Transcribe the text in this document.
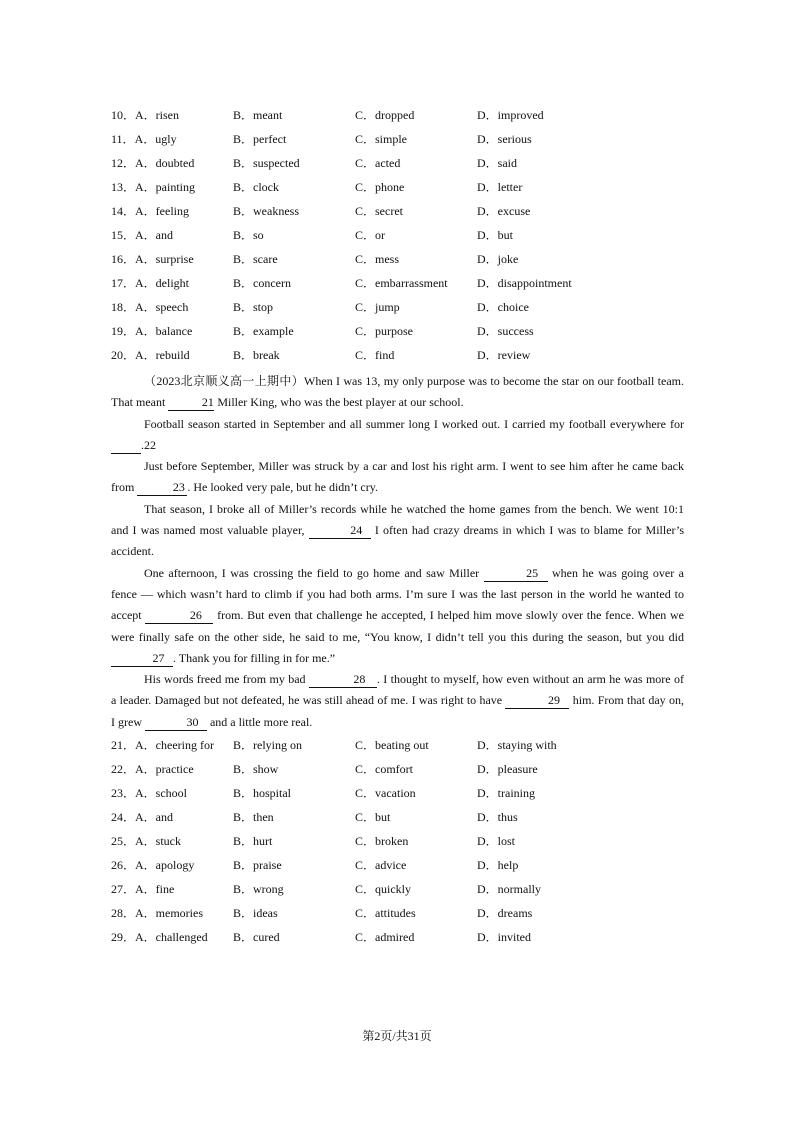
10．A．risen	B．meant	C．dropped	D．improved
11．A．ugly	B．perfect	C．simple	D．serious
12．A．doubted	B．suspected	C．acted	D．said
13．A．painting	B．clock	C．phone	D．letter
14．A．feeling	B．weakness	C．secret	D．excuse
15．A．and	B．so	C．or	D．but
16．A．surprise	B．scare	C．mess	D．joke
17．A．delight	B．concern	C．embarrassment D．disappointment
18．A．speech	B．stop	C．jump	D．choice
19．A．balance	B．example	C．purpose	D．success
20．A．rebuild	B．break	C．find	D．review

（2023北京顺义高一上期中）When I was 13, my only purpose was to become the star on our football team. That meant	21 Miller King, who was the best player at our school.

Football season started in September and all summer long I worked out. I carried my football everywhere for 22.

Just before September, Miller was struck by a car and lost his right arm. I went to see him after he came back from	23 . He looked very pale, but he didn’t cry.

That season, I broke all of Miller’s records while he watched the home games from the bench. We went 10:1 and I was named most valuable player,	24 I often had crazy dreams in which I was to blame for Miller’s accident.

One afternoon, I was crossing the field to go home and saw Miller	25 when he was going over a fence — which wasn’t hard to climb if you had both arms. I’m sure I was the last person in the world he wanted to accept	26 from. But even that challenge he accepted, I helped him move slowly over the fence. When we were finally safe on the other side, he said to me, “You know, I didn’t tell you this during the season, but you did 27 . Thank you for filling in for me.”

His words freed me from my bad	28 . I thought to myself, how even without an arm he was more of a leader. Damaged but not defeated, he was still ahead of me. I was right to have	29 him. From that day on, I grew	30 and a little more real.

21．A．cheering for B．relying on	C．beating out	D．staying with
22．A．practice	B．show	C．comfort	D．pleasure
23．A．school	B．hospital	C．vacation	D．training
24．A．and	B．then	C．but	D．thus
25．A．stuck	B．hurt	C．broken	D．lost
26．A．apology	B．praise	C．advice	D．help
27．A．fine	B．wrong	C．quickly	D．normally
28．A．memories B．ideas	C．attitudes	D．dreams
29．A．challenged B．cured	C．admired	D．invited
第2页/共31页
